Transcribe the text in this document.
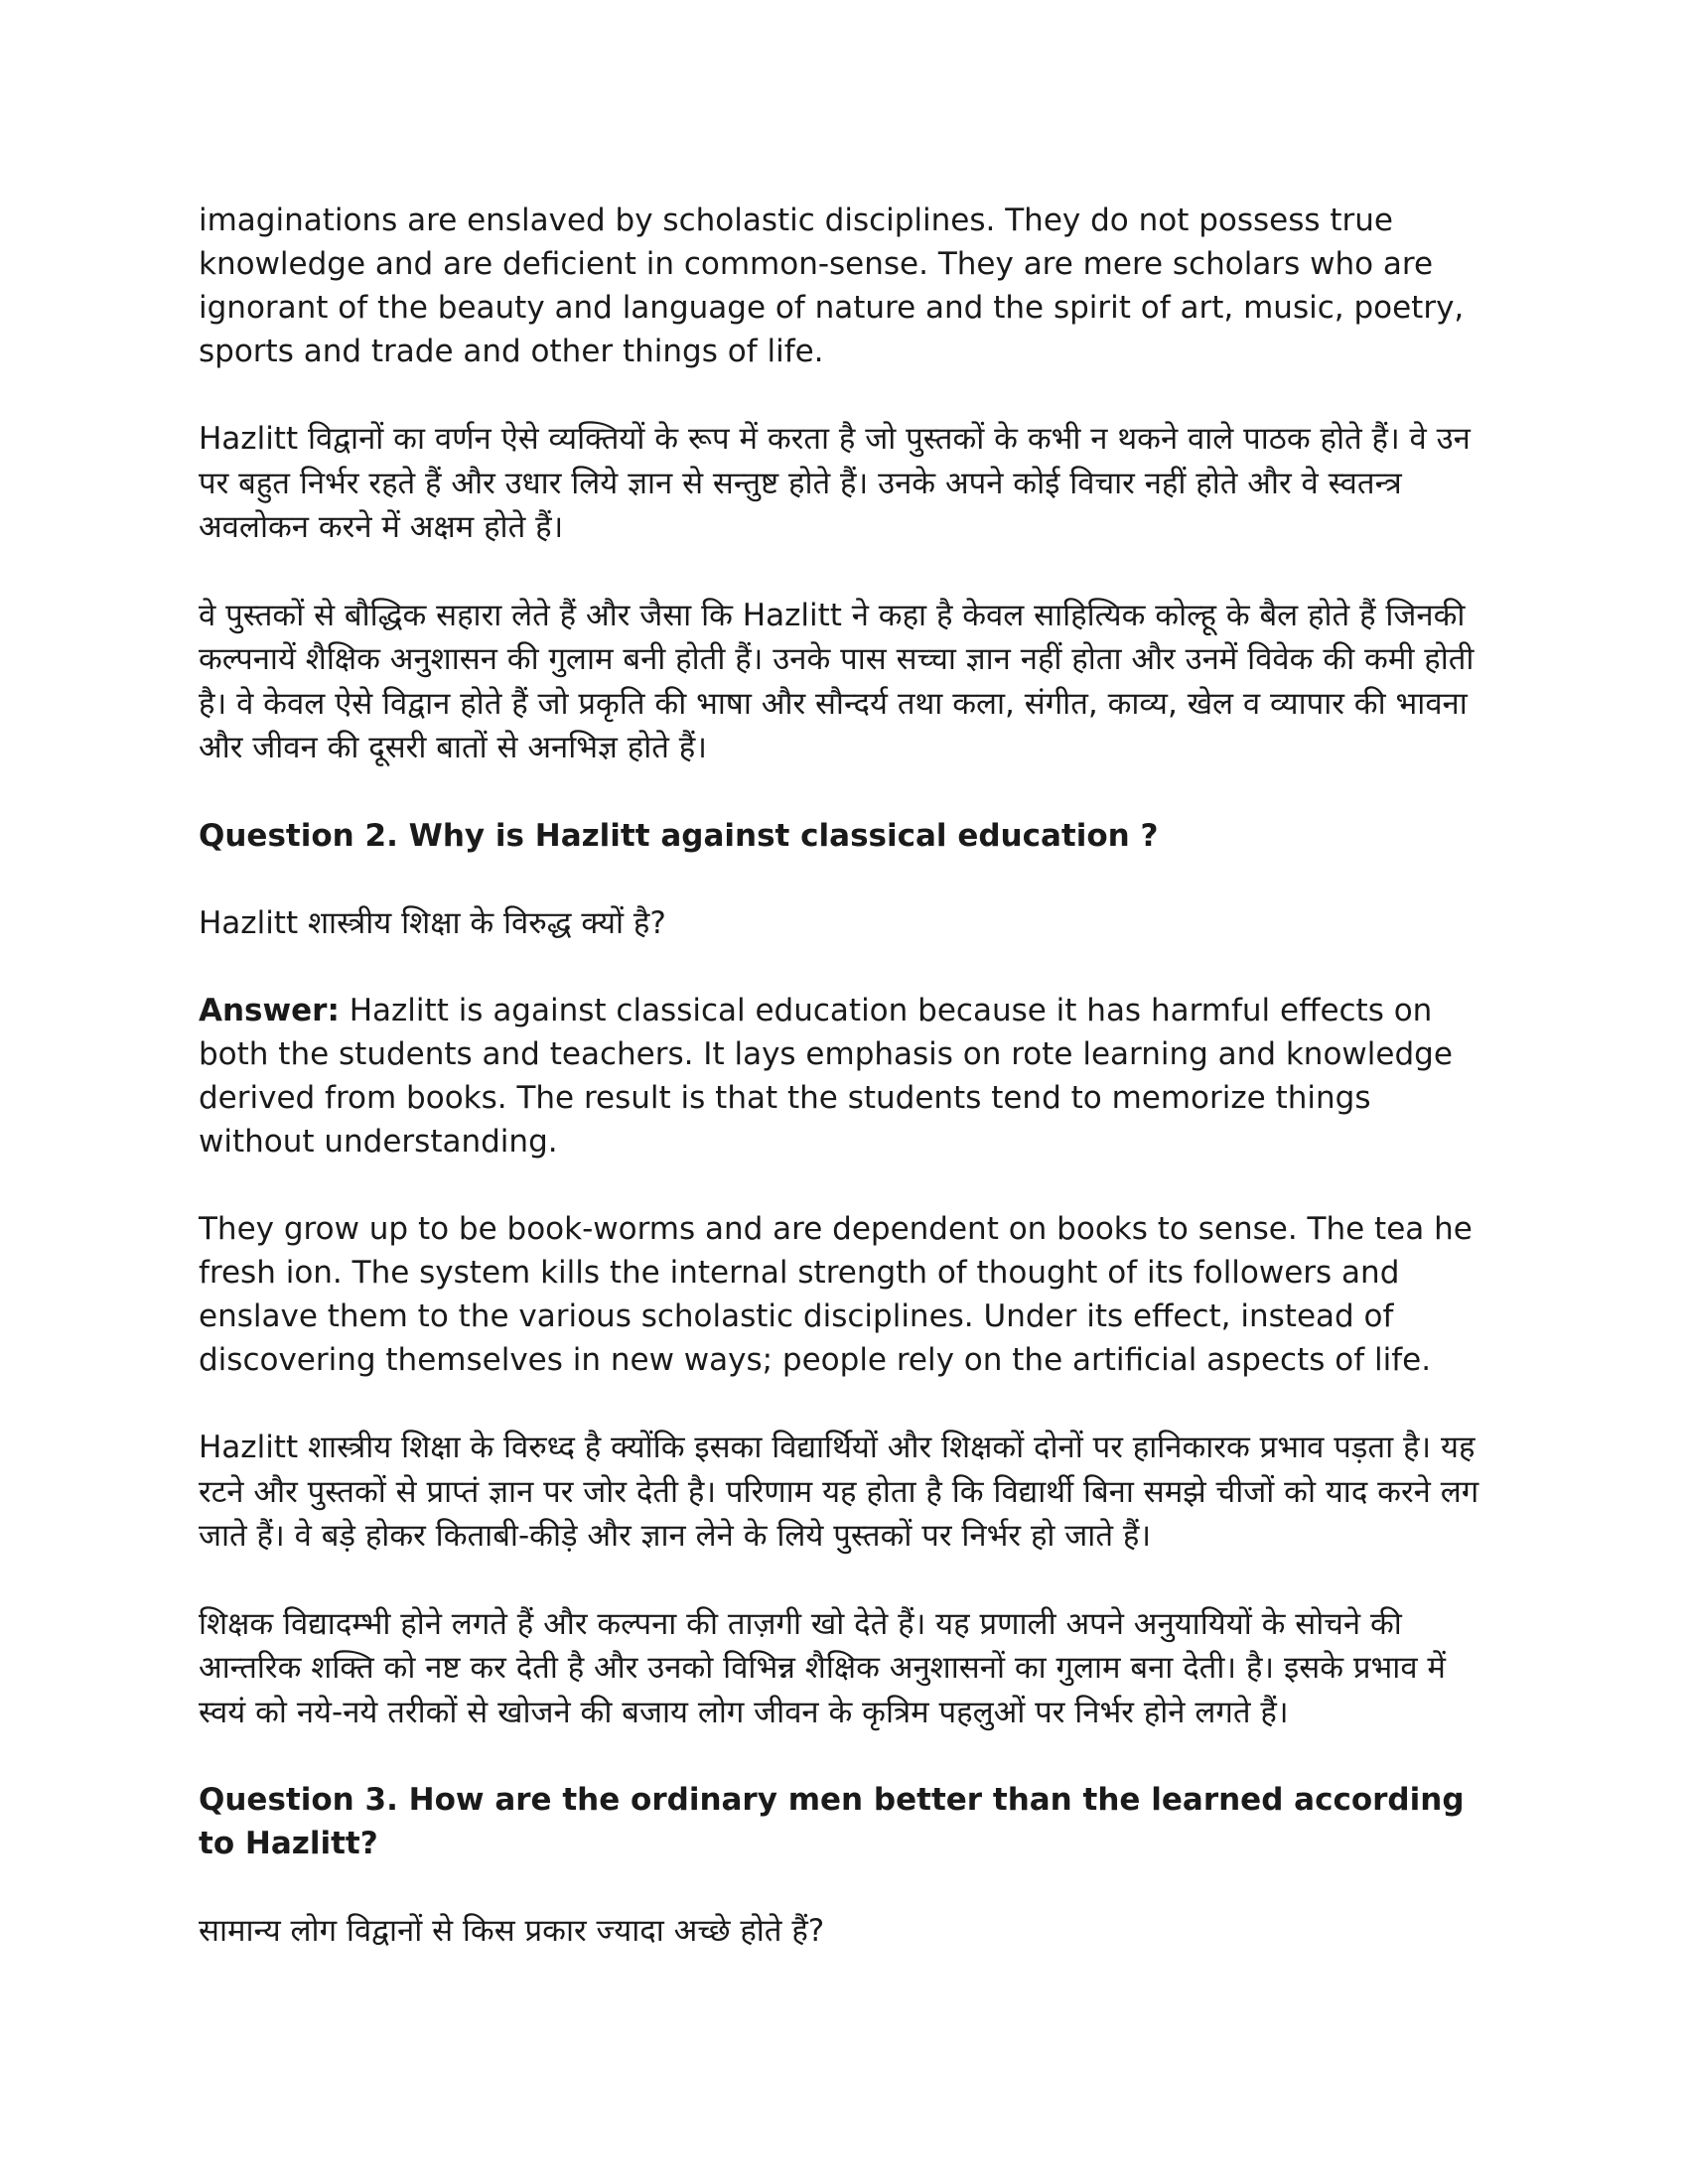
imaginations are enslaved by scholastic disciplines. They do not possess true knowledge and are deficient in common-sense. They are mere scholars who are ignorant of the beauty and language of nature and the spirit of art, music, poetry, sports and trade and other things of life.

Hazlitt विद्वानों का वर्णन ऐसे व्यक्तियों के रूप में करता है जो पुस्तकों के कभी न थकने वाले पाठक होते हैं। वे उन पर बहुत निर्भर रहते हैं और उधार लिये ज्ञान से सन्तुष्ट होते हैं। उनके अपने कोई विचार नहीं होते और वे स्वतन्त्र अवलोकन करने में अक्षम होते हैं।

वे पुस्तकों से बौद्धिक सहारा लेते हैं और जैसा कि Hazlitt ने कहा है केवल साहित्यिक कोल्हू के बैल होते हैं जिनकी कल्पनायें शैक्षिक अनुशासन की गुलाम बनी होती हैं। उनके पास सच्चा ज्ञान नहीं होता और उनमें विवेक की कमी होती है। वे केवल ऐसे विद्वान होते हैं जो प्रकृति की भाषा और सौन्दर्य तथा कला, संगीत, काव्य, खेल व व्यापार की भावना और जीवन की दूसरी बातों से अनभिज्ञ होते हैं।

Question 2. Why is Hazlitt against classical education ?

Hazlitt शास्त्रीय शिक्षा के विरुद्ध क्यों है?

Answer: Hazlitt is against classical education because it has harmful effects on both the students and teachers. It lays emphasis on rote learning and knowledge derived from books. The result is that the students tend to memorize things without understanding.

They grow up to be book-worms and are dependent on books to sense. The tea he fresh ion. The system kills the internal strength of thought of its followers and enslave them to the various scholastic disciplines. Under its effect, instead of discovering themselves in new ways; people rely on the artificial aspects of life.

Hazlitt शास्त्रीय शिक्षा के विरुध्द है क्योंकि इसका विद्यार्थियों और शिक्षकों दोनों पर हानिकारक प्रभाव पड़ता है। यह रटने और पुस्तकों से प्राप्तं ज्ञान पर जोर देती है। परिणाम यह होता है कि विद्यार्थी बिना समझे चीजों को याद करने लग जाते हैं। वे बड़े होकर किताबी-कीड़े और ज्ञान लेने के लिये पुस्तकों पर निर्भर हो जाते हैं।

शिक्षक विद्यादम्भी होने लगते हैं और कल्पना की ताज़गी खो देते हैं। यह प्रणाली अपने अनुयायियों के सोचने की आन्तरिक शक्ति को नष्ट कर देती है और उनको विभिन्न शैक्षिक अनुशासनों का गुलाम बना देती। है। इसके प्रभाव में स्वयं को नये-नये तरीकों से खोजने की बजाय लोग जीवन के कृत्रिम पहलुओं पर निर्भर होने लगते हैं।

Question 3. How are the ordinary men better than the learned according to Hazlitt?

सामान्य लोग विद्वानों से किस प्रकार ज्यादा अच्छे होते हैं?
